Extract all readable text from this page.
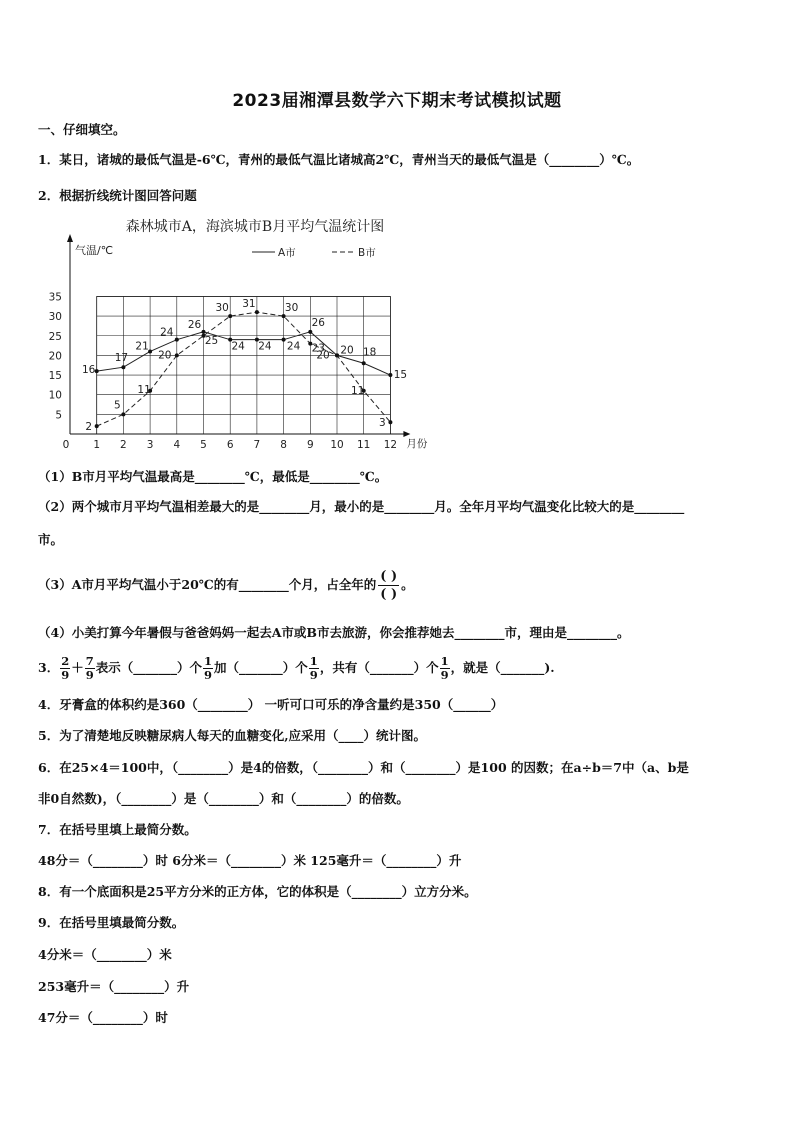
2023届湘潭县数学六下期末考试模拟试题
一、仔细填空。
1．某日，诸城的最低气温是-6℃，青州的最低气温比诸城高2℃，青州当天的最低气温是（________）℃。
2．根据折线统计图回答问题
森林城市A，海滨城市B月平均气温统计图
气温/℃
月份
0 1 2 3 4 5 6 7 8 9 10 11 12
5
10
15
20
25
30
35
A市	B市
16
17
21
24
26
24 24 24
26
20 18
15
2
5
11
20
25
30 31	30
23
20
11
3
（1）B市月平均气温最高是________℃，最低是________℃。
（2）两个城市月平均气温相差最大的是________月，最小的是________月。全年月平均气温变化比较大的是________
市。
（3）A市月平均气温小于20℃的有________个月，占全年的
( )
( )
。
（4）小美打算今年暑假与爸爸妈妈一起去A市或B市去旅游，你会推荐她去________市，理由是________。
3． $\frac{2}{9} + \frac{7}{9}$ 表示（_______）个 $\frac{1}{9}$ 加（_______）个 $\frac{1}{9}$ ，共有（_______）个 $\frac{1}{9}$ ，就是（_______).
4．牙膏盒的体积约是360（________） 一听可口可乐的净含量约是350（______）
5．为了清楚地反映糖尿病人每天的血糖变化,应采用（____）统计图。
6．在25×4＝100中，（________）是4的倍数，（________）和（________）是100 的因数；在a÷b＝7中（a、b是
非0自然数)，（________）是（________）和（________）的倍数。
7．在括号里填上最简分数。
48分＝（________）时 6分米＝（________）米 125毫升＝（________）升
8．有一个底面积是25平方分米的正方体，它的体积是（________）立方分米。
9．在括号里填最简分数。
4分米＝（________）米
253毫升＝（________）升
47分＝（________）时
